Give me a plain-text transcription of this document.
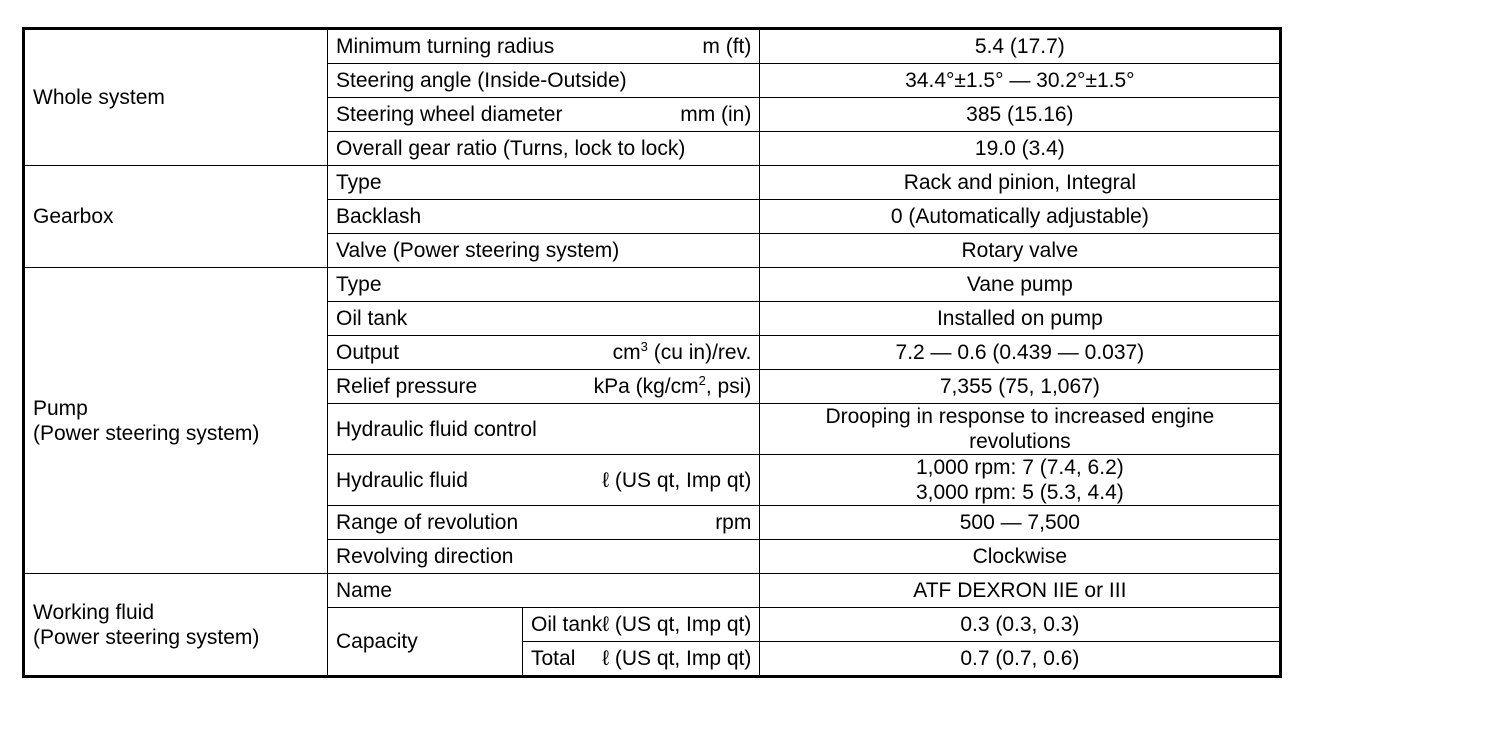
Whole system	Minimum turning radius m (ft)		5.4 (17.7)

	Steering angle (Inside-Outside)		34.4°±1.5° — 30.2°±1.5°

	Steering wheel diameter mm (in)		385 (15.16)

	Overall gear ratio (Turns, lock to lock)		19.0 (3.4)
Gearbox	Type		Rack and pinion, Integral

	Backlash		0 (Automatically adjustable)

	Valve (Power steering system)		Rotary valve

Pump
(Power steering system)	Type		Vane pump
	Oil tank		Installed on pump

	Output $cm^3$ (cu in)/rev.		7.2 — 0.6 (0.439 — 0.037)

	Relief pressure kPa ($kg/cm^2$, psi)		7,355 (75, 1,067)
	Hydraulic fluid control		Drooping in response to increased engine
revolutions

	Hydraulic fluid ℓ (US qt, Imp qt)		1,000 rpm: 7 (7.4, 6.2)
3,000 rpm: 5 (5.3, 4.4)

	Range of revolution rpm		500 — 7,500
	Revolving direction		Clockwise

Working fluid
(Power steering system)	Name		ATF DEXRON IIE or III
	Capacity	Oil tank ℓ (US qt, Imp qt)	0.3 (0.3, 0.3)

		Total ℓ (US qt, Imp qt)	0.7 (0.7, 0.6)
